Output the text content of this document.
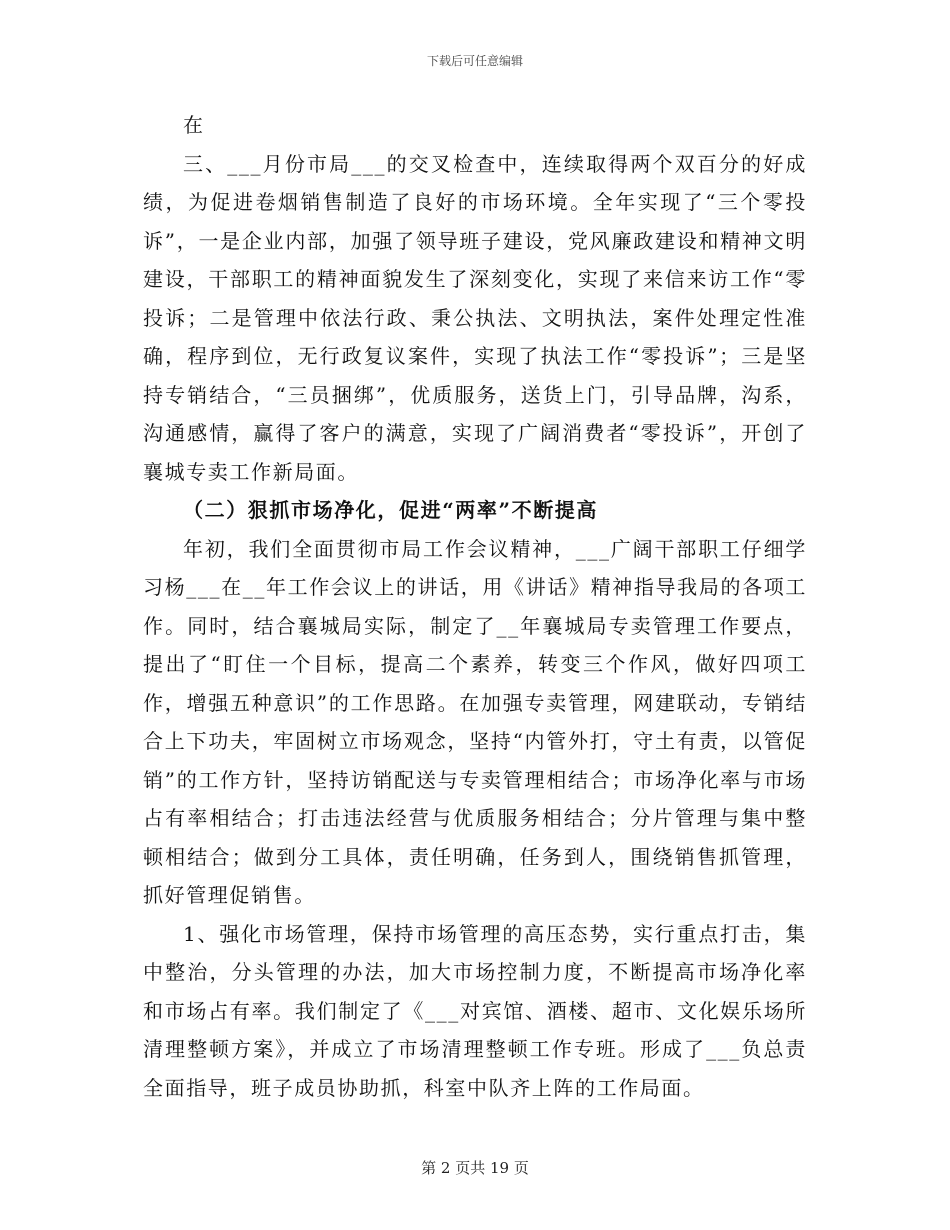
下载后可任意编辑

在

三、___月份市局___的交叉检查中，连续取得两个双百分的好成绩，为促进卷烟销售制造了良好的市场环境。全年实现了“三个零投诉”，一是企业内部，加强了领导班子建设，党风廉政建设和精神文明建设，干部职工的精神面貌发生了深刻变化，实现了来信来访工作“零投诉；二是管理中依法行政、秉公执法、文明执法，案件处理定性准确，程序到位，无行政复议案件，实现了执法工作“零投诉”；三是坚持专销结合，“三员捆绑”，优质服务，送货上门，引导品牌，沟系，沟通感情，赢得了客户的满意，实现了广阔消费者“零投诉”，开创了襄城专卖工作新局面。

（二）狠抓市场净化，促进“两率”不断提高

年初，我们全面贯彻市局工作会议精神，___广阔干部职工仔细学习杨___在__年工作会议上的讲话，用《讲话》精神指导我局的各项工作。同时，结合襄城局实际，制定了__年襄城局专卖管理工作要点，提出了“盯住一个目标，提高二个素养，转变三个作风，做好四项工作，增强五种意识”的工作思路。在加强专卖管理，网建联动，专销结合上下功夫，牢固树立市场观念，坚持“内管外打，守土有责，以管促销”的工作方针，坚持访销配送与专卖管理相结合；市场净化率与市场占有率相结合；打击违法经营与优质服务相结合；分片管理与集中整顿相结合；做到分工具体，责任明确，任务到人，围绕销售抓管理，抓好管理促销售。

1、强化市场管理，保持市场管理的高压态势，实行重点打击，集中整治，分头管理的办法，加大市场控制力度，不断提高市场净化率和市场占有率。我们制定了《___对宾馆、酒楼、超市、文化娱乐场所清理整顿方案》，并成立了市场清理整顿工作专班。形成了___负总责全面指导，班子成员协助抓，科室中队齐上阵的工作局面。

第 2 页共 19 页
